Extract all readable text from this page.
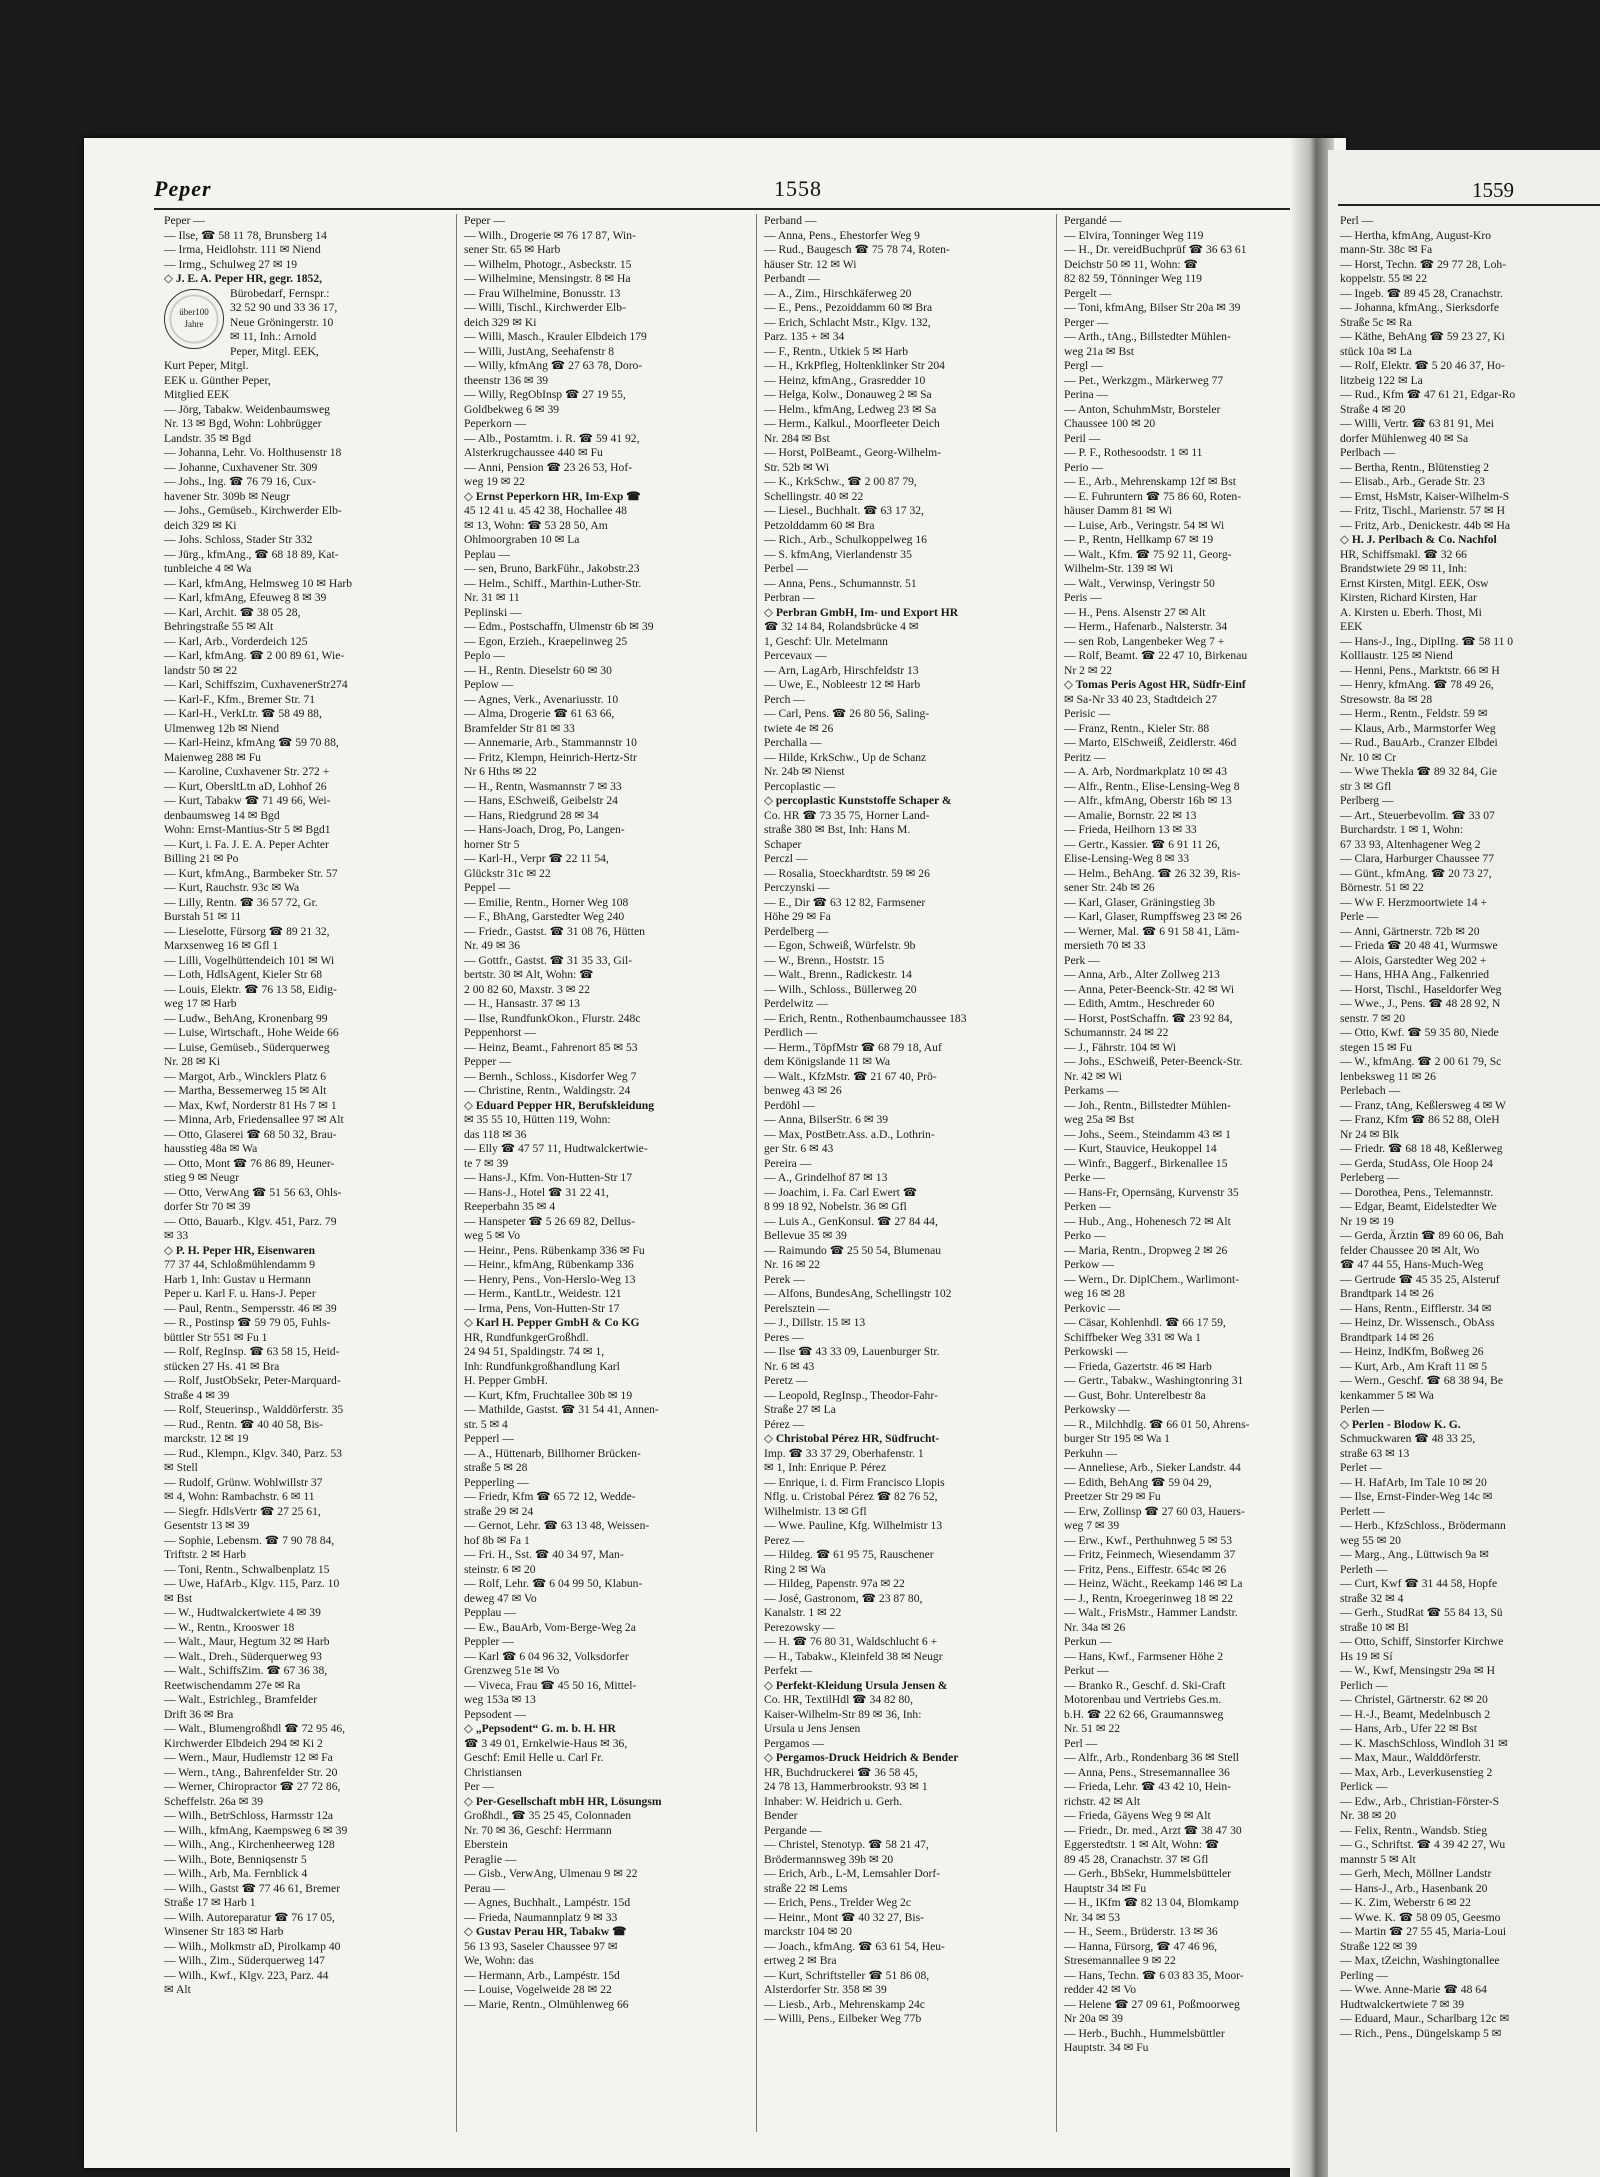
Peper	1558
Peper —
— Ilse, ☎ 58 11 78, Brunsberg 14
— Irma, Heidlohstr. 111 ✉ Niend
— Irmg., Schulweg 27 ✉ 19
◇ J. E. A. Peper HR, gegr. 1852,
über100
Jahre
Bürobedarf, Fernspr.:
32 52 90 und 33 36 17,
Neue Gröningerstr. 10
✉ 11, Inh.: Arnold
Peper, Mitgl. EEK,
Kurt Peper, Mitgl.
EEK u. Günther Peper,
Mitglied EEK
— Jörg, Tabakw. Weidenbaumsweg
Nr. 13 ✉ Bgd, Wohn: Lohbrügger
Landstr. 35 ✉ Bgd
— Johanna, Lehr. Vo. Holthusenstr 18
— Johanne, Cuxhavener Str. 309
— Johs., Ing. ☎ 76 79 16, Cux-
havener Str. 309b ✉ Neugr
— Johs., Gemüseb., Kirchwerder Elb-
deich 329 ✉ Ki
— Johs. Schloss, Stader Str 332
— Jürg., kfmAng., ☎ 68 18 89, Kat-
tunbleiche 4 ✉ Wa
— Karl, kfmAng, Helmsweg 10 ✉ Harb
— Karl, kfmAng, Efeuweg 8 ✉ 39
— Karl, Archit. ☎ 38 05 28,
Behringstraße 55 ✉ Alt
— Karl, Arb., Vorderdeich 125
— Karl, kfmAng. ☎ 2 00 89 61, Wie-
landstr 50 ✉ 22
— Karl, Schiffszim, CuxhavenerStr274
— Karl-F., Kfm., Bremer Str. 71
— Karl-H., VerkLtr. ☎ 58 49 88,
Ulmenweg 12b ✉ Niend
— Karl-Heinz, kfmAng ☎ 59 70 88,
Maienweg 288 ✉ Fu
— Karoline, Cuxhavener Str. 272 +
— Kurt, ObersltLtn aD, Lohhof 26
— Kurt, Tabakw ☎ 71 49 66, Wei-
denbaumsweg 14 ✉ Bgd
Wohn: Ernst-Mantius-Str 5 ✉ Bgd1
— Kurt, i. Fa. J. E. A. Peper Achter
Billing 21 ✉ Po
— Kurt, kfmAng., Barmbeker Str. 57
— Kurt, Rauchstr. 93c ✉ Wa
— Lilly, Rentn. ☎ 36 57 72, Gr.
Burstah 51 ✉ 11
— Lieselotte, Fürsorg ☎ 89 21 32,
Marxsenweg 16 ✉ Gfl 1
— Lilli, Vogelhüttendeich 101 ✉ Wi
— Loth, HdlsAgent, Kieler Str 68
— Louis, Elektr. ☎ 76 13 58, Eidig-
weg 17 ✉ Harb
— Ludw., BehAng, Kronenbarg 99
— Luise, Wirtschaft., Hohe Weide 66
— Luise, Gemüseb., Süderquerweg
Nr. 28 ✉ Ki
— Margot, Arb., Wincklers Platz 6
— Martha, Bessemerweg 15 ✉ Alt
— Max, Kwf, Norderstr 81 Hs 7 ✉ 1
— Minna, Arb, Friedensallee 97 ✉ Alt
— Otto, Glaserei ☎ 68 50 32, Brau-
hausstieg 48a ✉ Wa
— Otto, Mont ☎ 76 86 89, Heuner-
stieg 9 ✉ Neugr
— Otto, VerwAng ☎ 51 56 63, Ohls-
dorfer Str 70 ✉ 39
— Otto, Bauarb., Klgv. 451, Parz. 79
✉ 33
◇ P. H. Peper HR, Eisenwaren
77 37 44, Schloßmühlendamm 9
Harb 1, Inh: Gustav u Hermann
Peper u. Karl F. u. Hans-J. Peper
— Paul, Rentn., Sempersstr. 46 ✉ 39
— R., Postinsp ☎ 59 79 05, Fuhls-
büttler Str 551 ✉ Fu 1
— Rolf, RegInsp. ☎ 63 58 15, Heid-
stücken 27 Hs. 41 ✉ Bra
— Rolf, JustObSekr, Peter-Marquard-
Straße 4 ✉ 39
— Rolf, Steuerinsp., Walddörferstr. 35
— Rud., Rentn. ☎ 40 40 58, Bis-
marckstr. 12 ✉ 19
— Rud., Klempn., Klgv. 340, Parz. 53
✉ Stell
— Rudolf, Grünw. Wohlwillstr 37
✉ 4, Wohn: Rambachstr. 6 ✉ 11
— Siegfr. HdlsVertr ☎ 27 25 61,
Gesentstr 13 ✉ 39
— Sophie, Lebensm. ☎ 7 90 78 84,
Triftstr. 2 ✉ Harb
— Toni, Rentn., Schwalbenplatz 15
— Uwe, HafArb., Klgv. 115, Parz. 10
✉ Bst
— W., Hudtwalckertwiete 4 ✉ 39
— W., Rentn., Krooswег 18
— Walt., Maur, Hegtum 32 ✉ Harb
— Walt., Dreh., Süderquerweg 93
— Walt., SchiffsZim. ☎ 67 36 38,
Reetwischendamm 27e ✉ Ra
— Walt., Estrichleg., Bramfelder
Drift 36 ✉ Bra
— Walt., Blumengroßhdl ☎ 72 95 46,
Kirchwerder Elbdeich 294 ✉ Ki 2
— Wern., Maur, Hudlemstr 12 ✉ Fa
— Wern., tAng., Bahrenfelder Str. 20
— Werner, Chiropractor ☎ 27 72 86,
Scheffelstr. 26a ✉ 39
— Wilh., BetrSchloss, Harmsstr 12a
— Wilh., kfmAng, Kaempsweg 6 ✉ 39
— Wilh., Ang., Kirchenheerweg 128
— Wilh., Bote, Benniqsenstr 5
— Wilh., Arb, Ma. Fernblick 4
— Wilh., Gastst ☎ 77 46 61, Bremer
Straße 17 ✉ Harb 1
— Wilh. Autoreparatur ☎ 76 17 05,
Winsener Str 183 ✉ Harb
— Wilh., Molkmstr aD, Pirolkamp 40
— Wilh., Zim., Süderquerweg 147
— Wilh., Kwf., Klgv. 223, Parz. 44
✉ Alt
Peper —
— Wilh., Drogerie ✉ 76 17 87, Win-
sener Str. 65 ✉ Harb
— Wilhelm, Photogr., Asbeckstr. 15
— Wilhelmine, Mensingstr. 8 ✉ Ha
— Frau Wilhelmine, Bonusstr. 13
— Willi, Tischl., Kirchwerder Elb-
deich 329 ✉ Ki
— Willi, Masch., Krauler Elbdeich 179
— Willi, JustAng, Seehafenstr 8
— Willy, kfmAng ☎ 27 63 78, Doro-
theenstr 136 ✉ 39
— Willy, RegObInsp ☎ 27 19 55,
Goldbekweg 6 ✉ 39
Peperkorn —
— Alb., Postamtm. i. R. ☎ 59 41 92,
Alsterkrugchaussee 440 ✉ Fu
— Anni, Pension ☎ 23 26 53, Hof-
weg 19 ✉ 22
◇ Ernst Peperkorn HR, Im-Exp ☎
45 12 41 u. 45 42 38, Hochallee 48
✉ 13, Wohn: ☎ 53 28 50, Am
Ohlmoorgraben 10 ✉ La
Peplau —
— sen, Bruno, BarkFühr., Jakobstr.23
— Helm., Schiff., Marthin-Luther-Str.
Nr. 31 ✉ 11
Peplinski —
— Edm., Postschaffn, Ulmenstr 6b ✉ 39
— Egon, Erzieh., Kraepelinweg 25
Peplo —
— H., Rentn. Dieselstr 60 ✉ 30
Peplow —
— Agnes, Verk., Avenariusstr. 10
— Alma, Drogerie ☎ 61 63 66,
Bramfelder Str 81 ✉ 33
— Annemarie, Arb., Stammannstr 10
— Fritz, Klempn, Heinrich-Hertz-Str
Nr 6 Hths ✉ 22
— H., Rentn, Wasmannstr 7 ✉ 33
— Hans, ESchweiß, Geibelstr 24
— Hans, Riedgrund 28 ✉ 34
— Hans-Joach, Drog, Po, Langen-
horner Str 5
— Karl-H., Verpr ☎ 22 11 54,
Glückstr 31c ✉ 22
Peppel —
— Emilie, Rentn., Horner Weg 108
— F., BhAng, Garstedter Weg 240
— Friedr., Gastst. ☎ 31 08 76, Hütten
Nr. 49 ✉ 36
— Gottfr., Gastst. ☎ 31 35 33, Gil-
bertstr. 30 ✉ Alt, Wohn: ☎
2 00 82 60, Maxstr. 3 ✉ 22
— H., Hansastr. 37 ✉ 13
— Ilse, RundfunkOkon., Flurstr. 248c
Peppenhorst —
— Heinz, Beamt., Fahrenort 85 ✉ 53
Pepper —
— Bernh., Schloss., Kisdorfer Weg 7
— Christine, Rentn., Waldingstr. 24
◇ Eduard Pepper HR, Berufskleidung
✉ 35 55 10, Hütten 119, Wohn:
das 118 ✉ 36
— Elly ☎ 47 57 11, Hudtwalckertwie-
te 7 ✉ 39
— Hans-J., Kfm. Von-Hutten-Str 17
— Hans-J., Hotel ☎ 31 22 41,
Reeperbahn 35 ✉ 4
— Hanspeter ☎ 5 26 69 82, Dellus-
weg 5 ✉ Vo
— Heinr., Pens. Rübenkamp 336 ✉ Fu
— Heinr., kfmAng, Rübenkamp 336
— Henry, Pens., Von-Herslo-Weg 13
— Herm., KantLtr., Weidestr. 121
— Irma, Pens, Von-Hutten-Str 17
◇ Karl H. Pepper GmbH & Co KG
HR, RundfunkgerGroßhdl.
24 94 51, Spaldingstr. 74 ✉ 1,
Inh: Rundfunkgroßhandlung Karl
H. Pepper GmbH.
— Kurt, Kfm, Fruchtallee 30b ✉ 19
— Mathilde, Gastst. ☎ 31 54 41, Annen-
str. 5 ✉ 4
Pepperl —
— A., Hüttenarb, Billhorner Brücken-
straße 5 ✉ 28
Pepperling —
— Friedr, Kfm ☎ 65 72 12, Wedde-
straße 29 ✉ 24
— Gernot, Lehr. ☎ 63 13 48, Weissen-
hof 8b ✉ Fa 1
— Fri. H., Sst. ☎ 40 34 97, Man-
steinstr. 6 ✉ 20
— Rolf, Lehr. ☎ 6 04 99 50, Klabun-
deweg 47 ✉ Vo
Pepplau —
— Ew., BauArb, Vom-Berge-Weg 2a
Peppler —
— Karl ☎ 6 04 96 32, Volksdorfer
Grenzweg 51e ✉ Vo
— Viveca, Frau ☎ 45 50 16, Mittel-
weg 153a ✉ 13
Pepsodent —
◇ „Pepsodent“ G. m. b. H. HR
☎ 3 49 01, Ernkelwie-Haus ✉ 36,
Geschf: Emil Helle u. Carl Fr.
Christiansen
Per —
◇ Per-Gesellschaft mbH HR, Lösungsm
Großhdl., ☎ 35 25 45, Colonnaden
Nr. 70 ✉ 36, Geschf: Herrmann
Eberstein
Peraglie —
— Gisb., VerwAng, Ulmenau 9 ✉ 22
Perau —
— Agnes, Buchhalt., Lampéstr. 15d
— Frieda, Naumannplatz 9 ✉ 33
◇ Gustav Perau HR, Tabakw ☎
56 13 93, Saseler Chaussee 97 ✉
We, Wohn: das
— Hermann, Arb., Lampéstr. 15d
— Louise, Vogelweide 28 ✉ 22
— Marie, Rentn., Olmühlenweg 66
Perband —
— Anna, Pens., Ehestorfer Weg 9
— Rud., Baugesch ☎ 75 78 74, Roten-
häuser Str. 12 ✉ Wi
Perbandt —
— A., Zim., Hirschkäferweg 20
— E., Pens., Pezoiddamm 60 ✉ Bra
— Erich, Schlacht Mstr., Klgv. 132,
Parz. 135 + ✉ 34
— F., Rentn., Utkiek 5 ✉ Harb
— H., KrkPfleg, Holtenklinker Str 204
— Heinz, kfmAng., Grasredder 10
— Helga, Kolw., Donauweg 2 ✉ Sa
— Helm., kfmAng, Ledweg 23 ✉ Sa
— Herm., Kalkul., Moorfleeter Deich
Nr. 284 ✉ Bst
— Horst, PolBeamt., Georg-Wilhelm-
Str. 52b ✉ Wi
— K., KrkSchw., ☎ 2 00 87 79,
Schellingstr. 40 ✉ 22
— Liesel., Buchhalt. ☎ 63 17 32,
Petzolddamm 60 ✉ Bra
— Rich., Arb., Schulkoppelweg 16
— S. kfmAng, Vierlandenstr 35
Perbel —
— Anna, Pens., Schumannstr. 51
Perbran —
◇ Perbran GmbH, Im- und Export HR
☎ 32 14 84, Rolandsbrücke 4 ✉
1, Geschf: Ulr. Metelmann
Percevaux —
— Arn, LagArb, Hirschfeldstr 13
— Uwe, E., Nobleestr 12 ✉ Harb
Perch —
— Carl, Pens. ☎ 26 80 56, Saling-
twiete 4e ✉ 26
Perchalla —
— Hilde, KrkSchw., Up de Schanz
Nr. 24b ✉ Nienst
Percoplastic —
◇ percoplastic Kunststoffe Schaper &
Co. HR ☎ 73 35 75, Horner Land-
straße 380 ✉ Bst, Inh: Hans M.
Schaper
Perczl —
— Rosalia, Stoeckhardtstr. 59 ✉ 26
Perczynski —
— E., Dir ☎ 63 12 82, Farmsener
Höhe 29 ✉ Fa
Perdelberg —
— Egon, Schweiß, Würfelstr. 9b
— W., Brenn., Hoststr. 15
— Walt., Brenn., Radickestr. 14
— Wilh., Schloss., Büllerweg 20
Perdelwitz —
— Erich, Rentn., Rothenbaumchaussee 183
Perdlich —
— Herm., TöpfMstr ☎ 68 79 18, Auf
dem Königslande 11 ✉ Wa
— Walt., KfzMstr. ☎ 21 67 40, Prö-
benweg 43 ✉ 26
Perdöhl —
— Anna, BilserStr. 6 ✉ 39
— Max, PostBetr.Ass. a.D., Lothrin-
ger Str. 6 ✉ 43
Pereira —
— A., Grindelhof 87 ✉ 13
— Joachim, i. Fa. Carl Ewert ☎
8 99 18 92, Nobelstr. 36 ✉ Gfl
— Luis A., GenKonsul. ☎ 27 84 44,
Bellevue 35 ✉ 39
— Raimundo ☎ 25 50 54, Blumenau
Nr. 16 ✉ 22
Perek —
— Alfons, BundesAng, Schellingstr 102
Perelsztein —
— J., Dillstr. 15 ✉ 13
Peres —
— Ilse ☎ 43 33 09, Lauenburger Str.
Nr. 6 ✉ 43
Peretz —
— Leopold, RegInsp., Theodor-Fahr-
Straße 27 ✉ La
Pérez —
◇ Christobal Pérez HR, Südfrucht-
Imp. ☎ 33 37 29, Oberhafenstr. 1
✉ 1, Inh: Enrique P. Pérez
— Enrique, i. d. Firm Francisco Llopis
Nflg. u. Cristobal Pérez ☎ 82 76 52,
Wilhelmistr. 13 ✉ Gfl
— Wwe. Pauline, Kfg. Wilhelmistr 13
Perez —
— Hildeg. ☎ 61 95 75, Rauschener
Ring 2 ✉ Wa
— Hildeg, Papenstr. 97a ✉ 22
— José, Gastronom, ☎ 23 87 80,
Kanalstr. 1 ✉ 22
Perezowsky —
— H. ☎ 76 80 31, Waldschlucht 6 +
— H., Tabakw., Kleinfeld 38 ✉ Neugr
Perfekt —
◇ Perfekt-Kleidung Ursula Jensen &
Co. HR, TextilHdl ☎ 34 82 80,
Kaiser-Wilhelm-Str 89 ✉ 36, Inh:
Ursula u Jens Jensen
Pergamos —
◇ Pergamos-Druck Heidrich & Bender
HR, Buchdruckerei ☎ 36 58 45,
24 78 13, Hammerbrookstr. 93 ✉ 1
Inhaber: W. Heidrich u. Gerh.
Bender
Pergande —
— Christel, Stenotyp. ☎ 58 21 47,
Brödermannsweg 39b ✉ 20
— Erich, Arb., L-M, Lemsahler Dorf-
straße 22 ✉ Lems
— Erich, Pens., Trelder Weg 2c
— Heinr., Mont ☎ 40 32 27, Bis-
marckstr 104 ✉ 20
— Joach., kfmAng. ☎ 63 61 54, Heu-
ertweg 2 ✉ Bra
— Kurt, Schriftsteller ☎ 51 86 08,
Alsterdorfer Str. 358 ✉ 39
— Liesb., Arb., Mehrenskamp 24c
— Willi, Pens., Eilbeker Weg 77b
Pergandé —
— Elvira, Tonninger Weg 119
— H., Dr. vereidBuchprüf ☎ 36 63 61
Deichstr 50 ✉ 11, Wohn: ☎
82 82 59, Tönninger Weg 119
Pergelt —
— Toni, kfmAng, Bilser Str 20a ✉ 39
Perger —
— Arth., tAng., Billstedter Mühlen-
weg 21a ✉ Bst
Pergl —
— Pet., Werkzgm., Märkerweg 77
Perina —
— Anton, SchuhmMstr, Borsteler
Chaussee 100 ✉ 20
Peril —
— P. F., Rothesoodstr. 1 ✉ 11
Perio —
— E., Arb., Mehrenskamp 12f ✉ Bst
— E. Fuhruntern ☎ 75 86 60, Roten-
häuser Damm 81 ✉ Wi
— Luise, Arb., Veringstr. 54 ✉ Wi
— P., Rentn, Hellkamp 67 ✉ 19
— Walt., Kfm. ☎ 75 92 11, Georg-
Wilhelm-Str. 139 ✉ Wi
— Walt., Verwinsp, Veringstr 50
Peris —
— H., Pens. Alsenstr 27 ✉ Alt
— Herm., Hafenarb., Nalsterstr. 34
— sen Rob, Langenbeker Weg 7 +
— Rolf, Beamt. ☎ 22 47 10, Birkenau
Nr 2 ✉ 22
◇ Tomas Peris Agost HR, Südfr-Einf
✉ Sa-Nr 33 40 23, Stadtdeich 27
Perisic —
— Franz, Rentn., Kieler Str. 88
— Marto, ElSchweiß, Zeidlerstr. 46d
Peritz —
— A. Arb, Nordmarkplatz 10 ✉ 43
— Alfr., Rentn., Elise-Lensing-Weg 8
— Alfr., kfmAng, Oberstr 16b ✉ 13
— Amalie, Bornstr. 22 ✉ 13
— Frieda, Heilhorn 13 ✉ 33
— Gertr., Kassier. ☎ 6 91 11 26,
Elise-Lensing-Weg 8 ✉ 33
— Helm., BehAng. ☎ 26 32 39, Ris-
sener Str. 24b ✉ 26
— Karl, Glaser, Gräningstieg 3b
— Karl, Glaser, Rumpffsweg 23 ✉ 26
— Werner, Mal. ☎ 6 91 58 41, Läm-
mersieth 70 ✉ 33
Perk —
— Anna, Arb., Alter Zollweg 213
— Anna, Peter-Beenck-Str. 42 ✉ Wi
— Edith, Amtm., Heschreder 60
— Horst, PostSchaffn. ☎ 23 92 84,
Schumannstr. 24 ✉ 22
— J., Fährstr. 104 ✉ Wi
— Johs., ESchweiß, Peter-Beenck-Str.
Nr. 42 ✉ Wi
Perkams —
— Joh., Rentn., Billstedter Mühlen-
weg 25a ✉ Bst
— Johs., Seem., Steindamm 43 ✉ 1
— Kurt, Stauvice, Heukoppel 14
— Winfr., Baggerf., Birkenallee 15
Perke —
— Hans-Fr, Opernsäng, Kurvenstr 35
Perken —
— Hub., Ang., Hohenesch 72 ✉ Alt
Perko —
— Maria, Rentn., Dropweg 2 ✉ 26
Perkow —
— Wern., Dr. DiplChem., Warlimont-
weg 16 ✉ 28
Perkovic —
— Cäsar, Kohlenhdl. ☎ 66 17 59,
Schiffbeker Weg 331 ✉ Wa 1
Perkowski —
— Frieda, Gazertstr. 46 ✉ Harb
— Gertr., Tabakw., Washingtonring 31
— Gust, Bohr. Unterelbestr 8a
Perkowsky —
— R., Milchhdlg. ☎ 66 01 50, Ahrens-
burger Str 195 ✉ Wa 1
Perkuhn —
— Anneliese, Arb., Sieker Landstr. 44
— Edith, BehAng ☎ 59 04 29,
Preetzer Str 29 ✉ Fu
— Erw, Zollinsp ☎ 27 60 03, Hauers-
weg 7 ✉ 39
— Erw., Kwf., Perthuhnweg 5 ✉ 53
— Fritz, Feinmech, Wiesendamm 37
— Fritz, Pens., Eiffestr. 654c ✉ 26
— Heinz, Wächt., Reekamp 146 ✉ La
— J., Rentn, Kroegerinweg 18 ✉ 22
— Walt., FrisMstr., Hammer Landstr.
Nr. 34a ✉ 26
Perkun —
— Hans, Kwf., Farmsener Höhe 2
Perkut —
— Branko R., Geschf. d. Ski-Craft
Motorenbau und Vertriebs Ges.m.
b.H. ☎ 22 62 66, Graumannsweg
Nr. 51 ✉ 22
Perl —
— Alfr., Arb., Rondenbarg 36 ✉ Stell
— Anna, Pens., Stresemannallee 36
— Frieda, Lehr. ☎ 43 42 10, Hein-
richstr. 42 ✉ Alt
— Frieda, Gäyens Weg 9 ✉ Alt
— Friedr., Dr. med., Arzt ☎ 38 47 30
Eggerstedtstr. 1 ✉ Alt, Wohn: ☎
89 45 28, Cranachstr. 37 ✉ Gfl
— Gerh., BbSekr, Hummelsbütteler
Hauptstr 34 ✉ Fu
— H., IKfm ☎ 82 13 04, Blomkamp
Nr. 34 ✉ 53
— H., Seem., Brüderstr. 13 ✉ 36
— Hanna, Fürsorg, ☎ 47 46 96,
Stresemannallee 9 ✉ 22
— Hans, Techn. ☎ 6 03 83 35, Moor-
redder 42 ✉ Vo
— Helene ☎ 27 09 61, Poßmoorweg
Nr 20a ✉ 39
— Herb., Buchh., Hummelsbüttler
Hauptstr. 34 ✉ Fu
Perl —
— Hertha, kfmAng, August-Kro
mann-Str. 38c ✉ Fa
— Horst, Techn. ☎ 29 77 28, Loh-
koppelstr. 55 ✉ 22
— Ingeb. ☎ 89 45 28, Cranachstr.
— Johanna, kfmAng., Sierksdorfe
Straße 5c ✉ Ra
— Käthe, BehAng ☎ 59 23 27, Ki
stück 10a ✉ La
— Rolf, Elektr. ☎ 5 20 46 37, Ho-
litzbeig 122 ✉ La
— Rud., Kfm ☎ 47 61 21, Edgar-Ro
Straße 4 ✉ 20
— Willi, Vertr. ☎ 63 81 91, Mei
dorfer Mühlenweg 40 ✉ Sa
Perlbach —
— Bertha, Rentn., Blütenstieg 2
— Elisab., Arb., Gerade Str. 23
— Ernst, HsMstr, Kaiser-Wilhelm-S
— Fritz, Tischl., Marienstr. 57 ✉ H
— Fritz, Arb., Denickestr. 44b ✉ Ha
◇ H. J. Perlbach & Co. Nachfol
HR, Schiffsmakl. ☎ 32 66
Brandstwiete 29 ✉ 11, Inh:
Ernst Kirsten, Mitgl. EEK, Osw
Kirsten, Richard Kirsten, Har
A. Kirsten u. Eberh. Thost, Mi
EEK
— Hans-J., Ing., DiplIng. ☎ 58 11 0
Kolllaustr. 125 ✉ Niend
— Henni, Pens., Marktstr. 66 ✉ H
— Henry, kfmAng. ☎ 78 49 26,
Stresowstr. 8a ✉ 28
— Herm., Rentn., Feldstr. 59 ✉
— Klaus, Arb., Marmstorfer Weg
— Rud., BauArb., Cranzer Elbdei
Nr. 10 ✉ Cr
— Wwe Thekla ☎ 89 32 84, Gie
str 3 ✉ Gfl
Perlberg —
— Art., Steuerbevollm. ☎ 33 07
Burchardstr. 1 ✉ 1, Wohn:
67 33 93, Altenhagener Weg 2
— Clara, Harburger Chaussee 77
— Günt., kfmAng. ☎ 20 73 27,
Börnestr. 51 ✉ 22
— Ww F. Herzmoortwiete 14 +
Perle —
— Anni, Gärtnerstr. 72b ✉ 20
— Frieda ☎ 20 48 41, Wurmswe
— Alois, Garstedter Weg 202 +
— Hans, HHA Ang., Falkenried
— Horst, Tischl., Haseldorfer Weg
— Wwe., J., Pens. ☎ 48 28 92, N
senstr. 7 ✉ 20
— Otto, Kwf. ☎ 59 35 80, Niede
stegen 15 ✉ Fu
— W., kfmAng. ☎ 2 00 61 79, Sc
lenbeksweg 11 ✉ 26
Perlebach —
— Franz, tAng, Keßlersweg 4 ✉ W
— Franz, Kfm ☎ 86 52 88, OleH
Nr 24 ✉ Blk
— Friedr. ☎ 68 18 48, Keßlerweg
— Gerda, StudAss, Ole Hoop 24
Perleberg —
— Dorothea, Pens., Telemannstr.
— Edgar, Beamt, Eidelstedter We
Nr 19 ✉ 19
— Gerda, Ärztin ☎ 89 60 06, Bah
felder Chaussee 20 ✉ Alt, Wo
☎ 47 44 55, Hans-Much-Weg
— Gertrude ☎ 45 35 25, Alsteruf
Brandtpark 14 ✉ 26
— Hans, Rentn., Eifflerstr. 34 ✉
— Heinz, Dr. Wissensch., ObAss
Brandtpark 14 ✉ 26
— Heinz, IndKfm, Boßweg 26
— Kurt, Arb., Am Kraft 11 ✉ 5
— Wern., Geschf. ☎ 68 38 94, Be
kenkammer 5 ✉ Wa
Perlen —
◇ Perlen - Blodow K. G.
Schmuckwaren ☎ 48 33 25,
straße 63 ✉ 13
Perlet —
— H. HafArb, Im Tale 10 ✉ 20
— Ilse, Ernst-Finder-Weg 14c ✉
Perlett —
— Herb., KfzSchloss., Brödermann
weg 55 ✉ 20
— Marg., Ang., Lüttwisch 9a ✉
Perleth —
— Curt, Kwf ☎ 31 44 58, Hopfe
straße 32 ✉ 4
— Gerh., StudRat ☎ 55 84 13, Sü
straße 10 ✉ Bl
— Otto, Schiff, Sinstorfer Kirchwe
Hs 19 ✉ Sí
— W., Kwf, Mensingstr 29a ✉ H
Perlich —
— Christel, Gärtnerstr. 62 ✉ 20
— H.-J., Beamt, Medelnbusch 2
— Hans, Arb., Ufer 22 ✉ Bst
— K. MaschSchloss, Windloh 31 ✉
— Max, Maur., Walddörferstr.
— Max, Arb., Leverkusenstieg 2
Perlick —
— Edw., Arb., Christian-Förster-S
Nr. 38 ✉ 20
— Felix, Rentn., Wandsb. Stieg
— G., Schriftst. ☎ 4 39 42 27, Wu
mannstr 5 ✉ Alt
— Gerh, Mech, Möllner Landstr
— Hans-J., Arb., Hasenbank 20
— K. Zim, Weberstr 6 ✉ 22
— Wwe. K. ☎ 58 09 05, Geesmo
— Martin ☎ 27 55 45, Maria-Loui
Straße 122 ✉ 39
— Max, tZeichn, Washingtonallee
Perling —
— Wwe. Anne-Marie ☎ 48 64
Hudtwalckertwiete 7 ✉ 39
— Eduard, Maur., Scharlbarg 12c ✉
— Rich., Pens., Düngelskamp 5 ✉
1559
